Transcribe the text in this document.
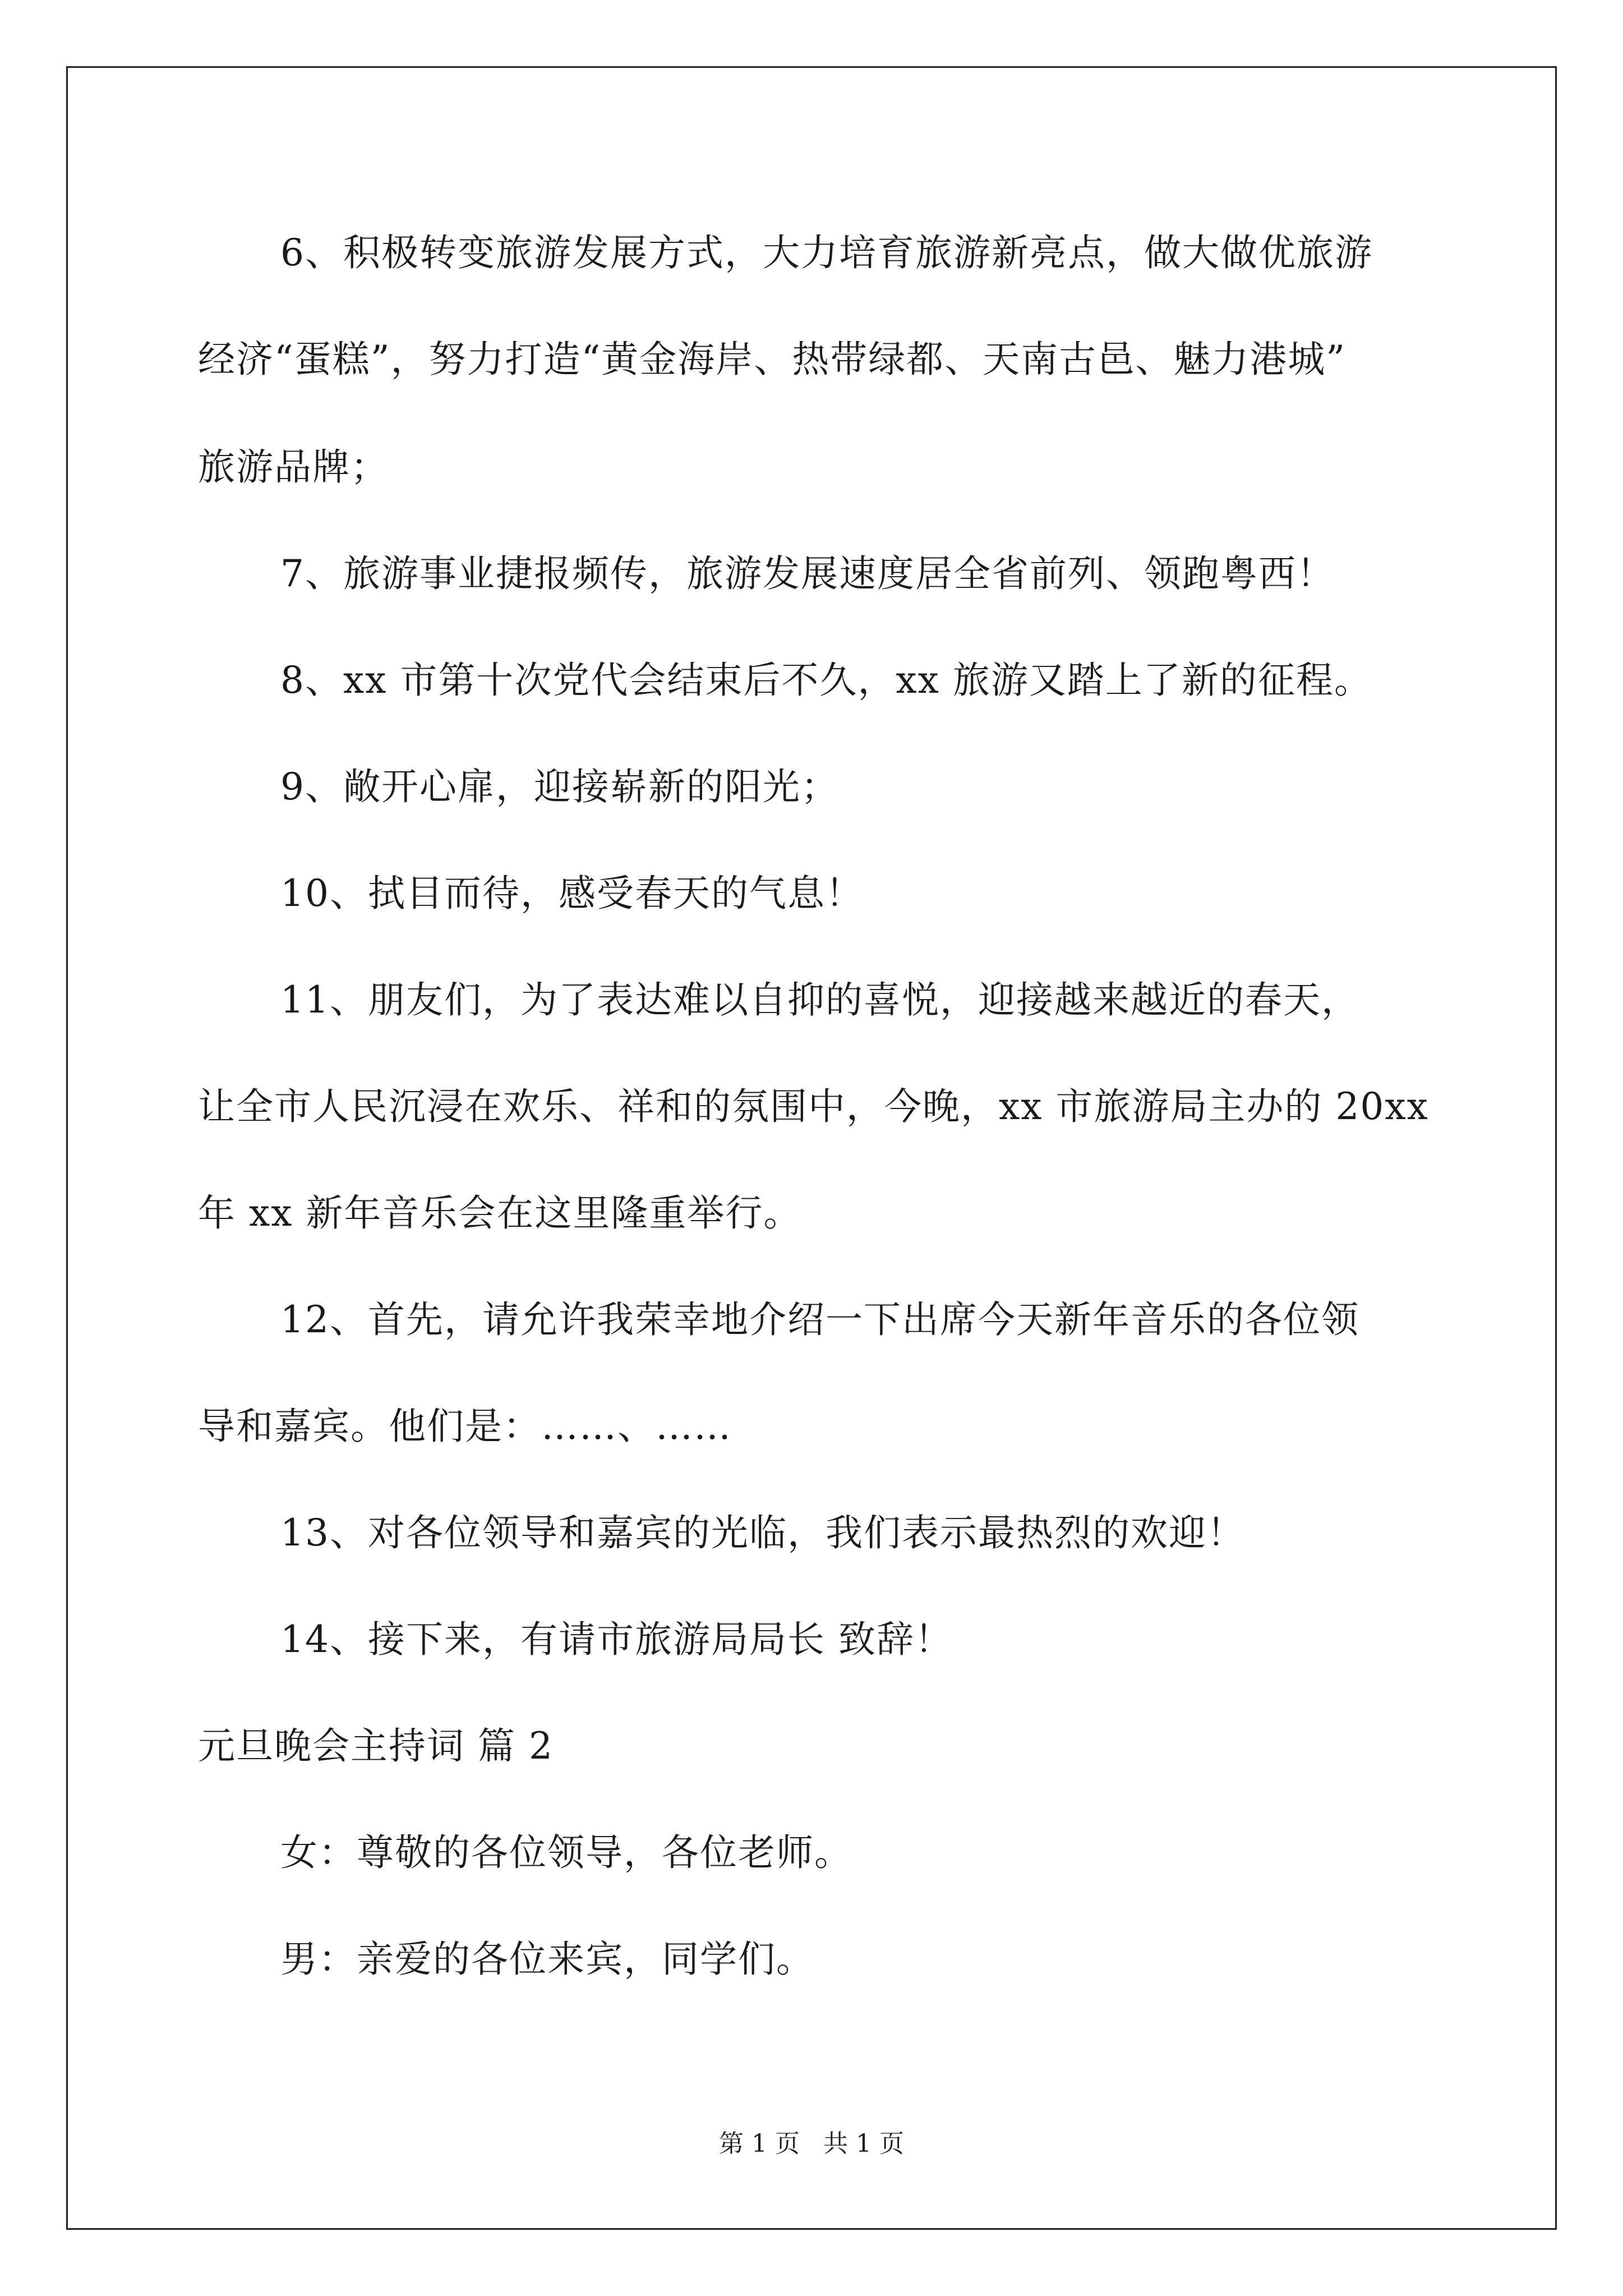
6、积极转变旅游发展方式，大力培育旅游新亮点，做大做优旅游
经济“蛋糕”，努力打造“黄金海岸、热带绿都、天南古邑、魅力港城”
旅游品牌；
7、旅游事业捷报频传，旅游发展速度居全省前列、领跑粤西！
8、xx 市第十次党代会结束后不久，xx 旅游又踏上了新的征程。
9、敞开心扉，迎接崭新的阳光；
10、拭目而待，感受春天的气息！
11、朋友们，为了表达难以自抑的喜悦，迎接越来越近的春天，
让全市人民沉浸在欢乐、祥和的氛围中，今晚，xx 市旅游局主办的 20xx
年 xx 新年音乐会在这里隆重举行。
12、首先，请允许我荣幸地介绍一下出席今天新年音乐的各位领
导和嘉宾。他们是：……、……
13、对各位领导和嘉宾的光临，我们表示最热烈的欢迎！
14、接下来，有请市旅游局局长 致辞！
元旦晚会主持词 篇 2
女：尊敬的各位领导，各位老师。
男：亲爱的各位来宾，同学们。
第 1 页   共 1 页
